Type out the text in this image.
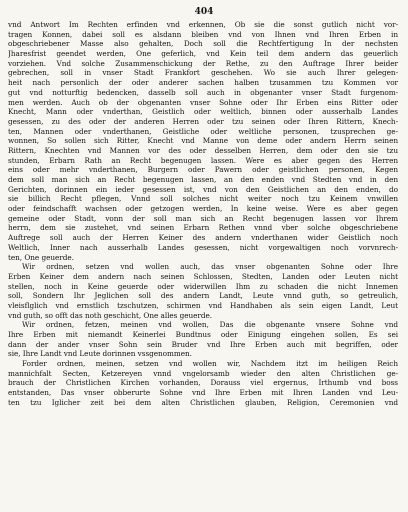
404
vnd Antwort Im Rechten erfinden vnd erkennen, Ob sie die sonst gutlich nicht vor-
tragen Konnen, dabei soll es alsdann bleiben vnd von Ihnen vnd Ihren Erben in
obgeschriebener Masse also gehalten, Doch soll die Rechtfertigung In der nechsten
Jharesfrist geendet werden, One geferlich, vnd Kein teil dem andern das geuerlich
vorziehen. Vnd solche Zusammenschickung der Rethe, zu den Auftrage Ihrer beider
gebrechen, soll in vnser Stadt Frankfort geschehen. Wo sie auch Ihrer gelegen-
heit nach personlich der oder anderer sachen halben tzusammen tzu Kommen vor
gut vnd notturftig bedencken, dasselb soll auch in obgenanter vnser Stadt furgenom-
men werden. Auch ob der obgenanten vnser Sohne oder Ihr Erben eins Ritter oder
Knecht, Mann oder vnderthan, Geistlich oder weltlich, binnen oder ausserhalb Landes
gesessen, zu des oder der anderen Herren oder tzu seinen oder Ihren Rittern, Knech-
ten, Mannen oder vnderthanen, Geistliche oder weltliche personen, tzusprechen ge-
wonnen, So sollen sich Ritter, Knecht vnd Manne von deme oder andern Herrn seinen
Rittern, Knechten vnd Mannen vor des oder desselben Herren, dem oder den sie tzu
stunden, Erbarn Rath an Recht begenugen lassen. Were es aber gegen des Herren
eins oder mehr vnderthanen, Burgern oder Pawern oder geistlichen personen, Kegen
dem soll man sich an Recht begenugen lassen, an den enden vnd Stedten vnd in den
Gerichten, dorinnen ein ieder gesessen ist, vnd von den Geistlichen an den enden, do
sie billich Recht pflegen, Vnnd soll solches nicht weiter noch tzu Keinem vnwillen
oder feindschafft wachsen oder getzogen werden, In keine weise. Were es aber gegen
gemeine oder Stadt, vonn der soll man sich an Recht begenugen lassen vor Ihrem
herrn, dem sie zustehet, vnd seinen Erbarn Rethen vnnd vber solche obgeschriebene
Auftrege soll auch der Herren Keiner des andern vnderthanen wider Geistlich noch
Weltlich, Inner nach ausserhalb Landes gesessen, nicht vorgewaltigen noch vorvnrech-
ten, One geuerde.
Wir ordnen, setzen vnd wollen auch, das vnser obgenanten Sohne oder Ihre
Erben Keiner dem andern nach seinen Schlossen, Stedten, Landen oder Leuten nicht
stellen, noch in Keine geuerde oder widerwillen Ihm zu schaden die nicht Innemen
soll, Sondern Ihr Jeglichen soll des andern Landt, Leute vnnd guth, so getreulich,
vleisflglich vnd ernstlich tzschutzen, schirmen vnd Handhaben als sein eigen Landt, Leut
vnd guth, so offt das noth geschicht, One alles geuerde.
Wir ordnen, fetzen, meinen vnd wollen, Das die obgenante vnsere Sohne vnd
Ihre Erben mit niemandt Keinerlei Bundtnus oder Einigung eingehen sollen, Es sei
dann der ander vnser Sohn sein Bruder vnd Ihre Erben auch mit begriffen, oder
sie, Ihre Landt vnd Leute dorinnen vssgenommen.
Forder ordnen, meinen, setzen vnd wollen wir, Nachdem itzt im heiligen Reich
mannichfalt Secten, Ketzereyen vnnd vngelorsamb wieder den alten Christlichen ge-
brauch der Christlichen Kirchen vorhanden, Dorauss viel ergernus, Irthumb vnd boss
entstanden, Das vnser obberurte Sohne vnd Ihre Erben mit Ihren Landen vnd Leu-
ten tzu Iglicher zeit bei dem alten Christlichen glauben, Religion, Ceremonien vnd
